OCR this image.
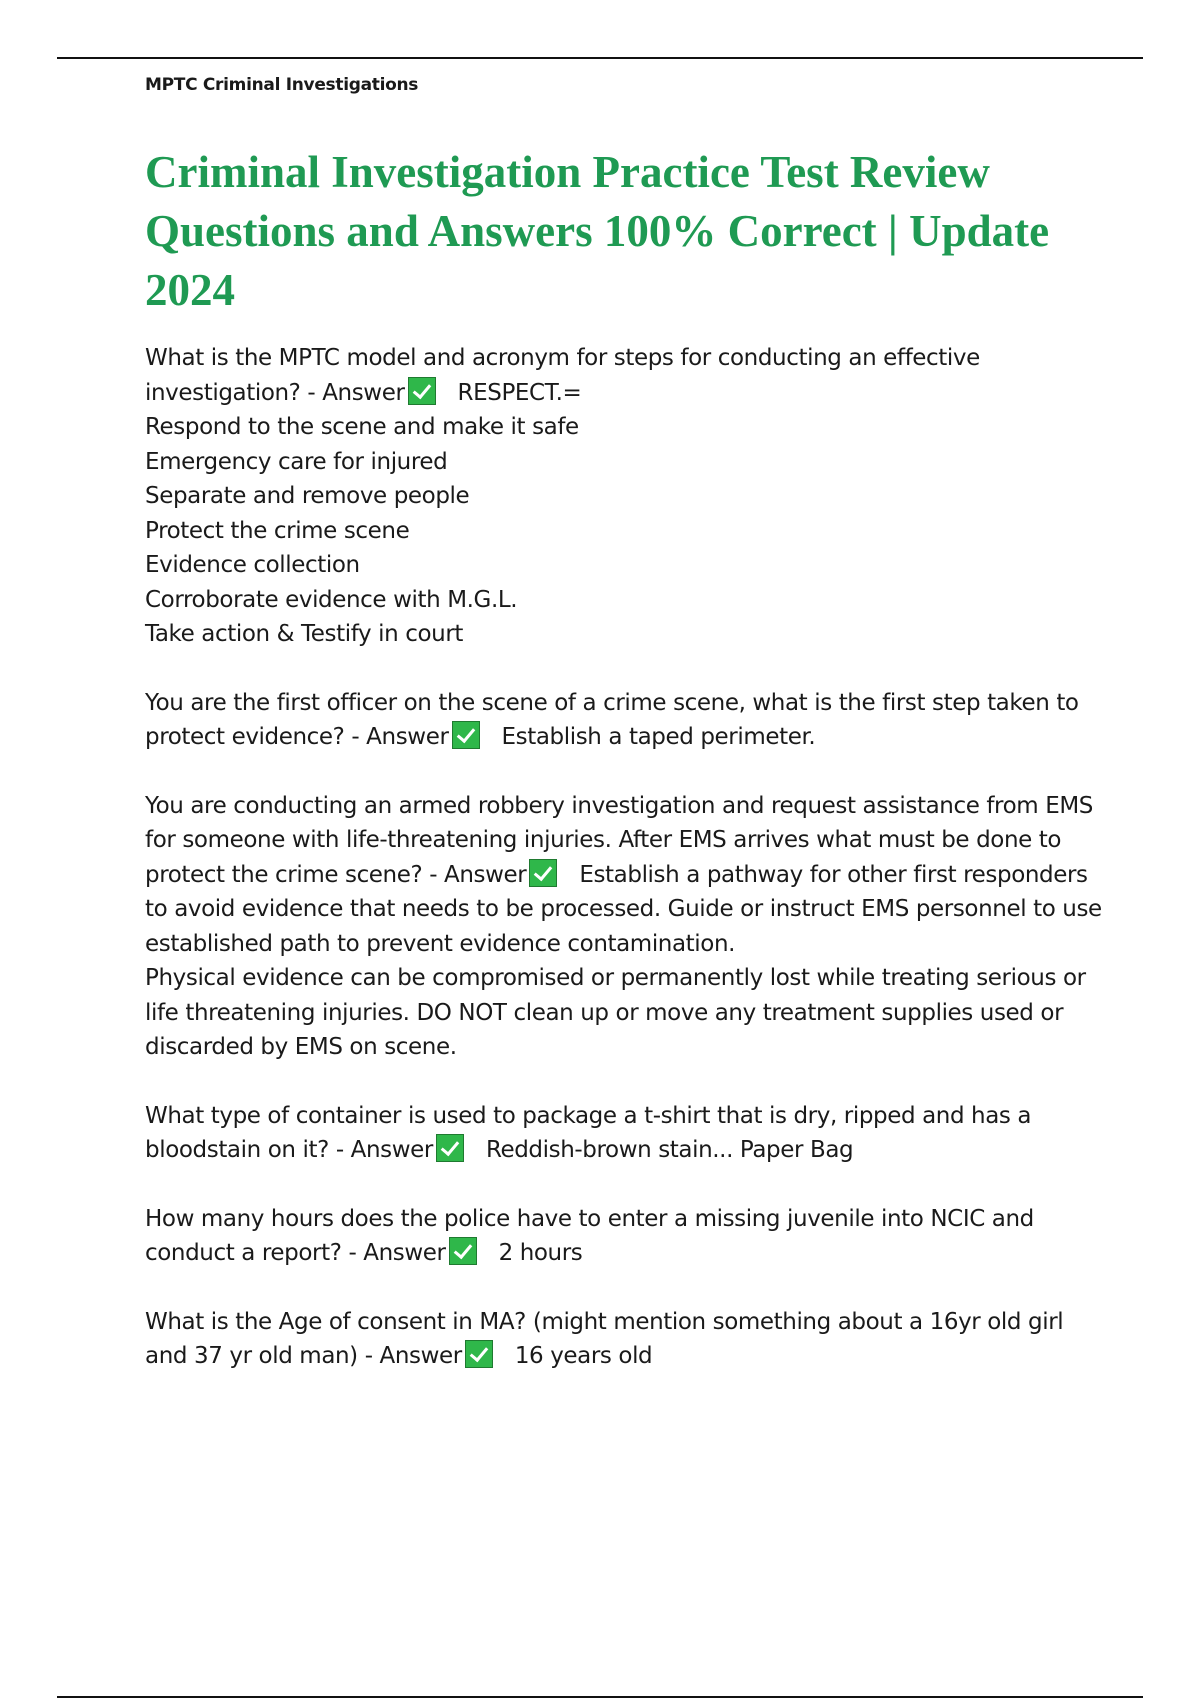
MPTC Criminal Investigations
Criminal Investigation Practice Test Review Questions and Answers 100% Correct | Update 2024

What is the MPTC model and acronym for steps for conducting an effective investigation? - Answer RESPECT.=

Respond to the scene and make it safe
Emergency care for injured
Separate and remove people
Protect the crime scene
Evidence collection
Corroborate evidence with M.G.L.
Take action & Testify in court

You are the first officer on the scene of a crime scene, what is the first step taken to protect evidence? - Answer Establish a taped perimeter.

You are conducting an armed robbery investigation and request assistance from EMS for someone with life-threatening injuries. After EMS arrives what must be done to protect the crime scene? - Answer Establish a pathway for other first responders to avoid evidence that needs to be processed. Guide or instruct EMS personnel to use established path to prevent evidence contamination.

Physical evidence can be compromised or permanently lost while treating serious or life threatening injuries. DO NOT clean up or move any treatment supplies used or discarded by EMS on scene.

What type of container is used to package a t-shirt that is dry, ripped and has a bloodstain on it? - Answer Reddish-brown stain... Paper Bag

How many hours does the police have to enter a missing juvenile into NCIC and conduct a report? - Answer 2 hours

What is the Age of consent in MA? (might mention something about a 16yr old girl and 37 yr old man) - Answer 16 years old
